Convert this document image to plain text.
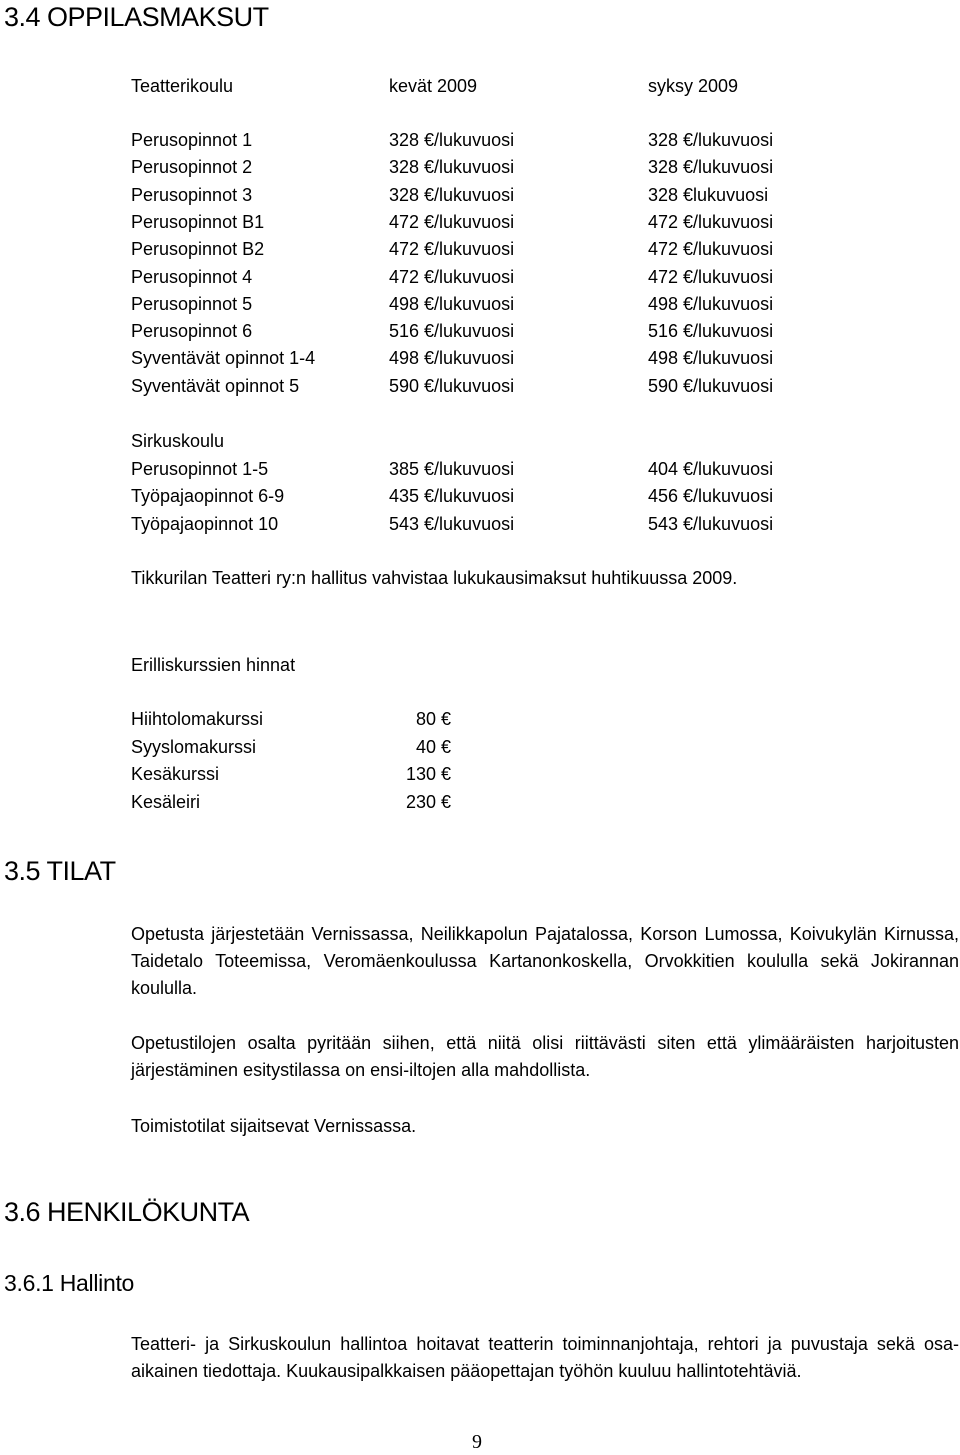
3.4 OPPILASMAKSUT
Teatterikoulu	kevät 2009	syksy 2009
Perusopinnot 1	328 €/lukuvuosi	328 €/lukuvuosi
Perusopinnot 2	328 €/lukuvuosi	328 €/lukuvuosi
Perusopinnot 3	328 €/lukuvuosi	328 €lukuvuosi
Perusopinnot B1	472 €/lukuvuosi	472 €/lukuvuosi
Perusopinnot B2	472 €/lukuvuosi	472 €/lukuvuosi
Perusopinnot 4	472 €/lukuvuosi	472 €/lukuvuosi
Perusopinnot 5	498 €/lukuvuosi	498 €/lukuvuosi
Perusopinnot 6	516 €/lukuvuosi	516 €/lukuvuosi
Syventävät opinnot 1-4	498 €/lukuvuosi	498 €/lukuvuosi
Syventävät opinnot 5	590 €/lukuvuosi	590 €/lukuvuosi
Sirkuskoulu
Perusopinnot 1-5	385 €/lukuvuosi	404 €/lukuvuosi
Työpajaopinnot 6-9	435 €/lukuvuosi	456 €/lukuvuosi
Työpajaopinnot 10	543 €/lukuvuosi	543 €/lukuvuosi
Tikkurilan Teatteri ry:n hallitus vahvistaa lukukausimaksut huhtikuussa 2009.
Erilliskurssien hinnat
Hiihtolomakurssi	80 €
Syyslomakurssi	40 €
Kesäkurssi	130 €
Kesäleiri	230 €
3.5 TILAT
Opetusta järjestetään Vernissassa, Neilikkapolun Pajatalossa, Korson Lumossa, Koivukylän Kirnussa, Taidetalo Toteemissa, Veromäenkoulussa Kartanonkoskella, Orvokkitien koululla sekä Jokirannan koululla.
Opetustilojen osalta pyritään siihen, että niitä olisi riittävästi siten että ylimääräisten harjoitusten järjestäminen esitystilassa on ensi-iltojen alla mahdollista.
Toimistotilat sijaitsevat Vernissassa.
3.6 HENKILÖKUNTA
3.6.1 Hallinto
Teatteri- ja Sirkuskoulun hallintoa hoitavat teatterin toiminnanjohtaja, rehtori ja puvustaja sekä osa-aikainen tiedottaja. Kuukausipalkkaisen pääopettajan työhön kuuluu hallintotehtäviä.
9
